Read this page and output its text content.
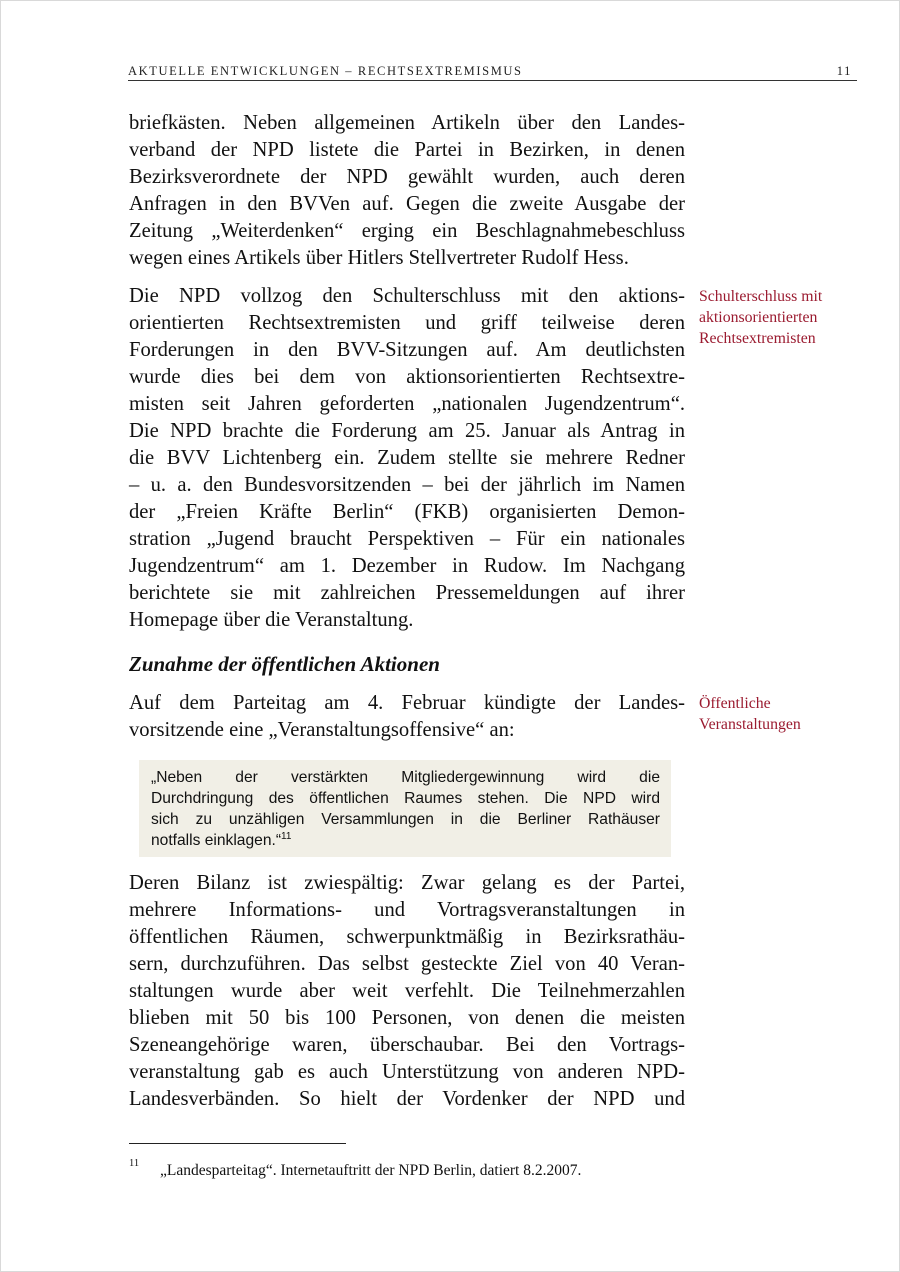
AKTUELLE ENTWICKLUNGEN – RECHTSEXTREMISMUS	11
briefkästen. Neben allgemeinen Artikeln über den Landes-
verband der NPD listete die Partei in Bezirken, in denen
Bezirksverordnete der NPD gewählt wurden, auch deren
Anfragen in den BVVen auf. Gegen die zweite Ausgabe der
Zeitung „Weiterdenken“ erging ein Beschlagnahmebeschluss
wegen eines Artikels über Hitlers Stellvertreter Rudolf Hess.
Die NPD vollzog den Schulterschluss mit den aktions-
orientierten Rechtsextremisten und griff teilweise deren
Forderungen in den BVV-Sitzungen auf. Am deutlichsten
wurde dies bei dem von aktionsorientierten Rechtsextre-
misten seit Jahren geforderten „nationalen Jugendzentrum“.
Die NPD brachte die Forderung am 25. Januar als Antrag in
die BVV Lichtenberg ein. Zudem stellte sie mehrere Redner
– u. a. den Bundesvorsitzenden – bei der jährlich im Namen
der „Freien Kräfte Berlin“ (FKB) organisierten Demon-
stration „Jugend braucht Perspektiven – Für ein nationales
Jugendzentrum“ am 1. Dezember in Rudow. Im Nachgang
berichtete sie mit zahlreichen Pressemeldungen auf ihrer
Homepage über die Veranstaltung.
Schulterschluss mit
aktionsorientierten
Rechtsextremisten
Zunahme der öffentlichen Aktionen
Auf dem Parteitag am 4. Februar kündigte der Landes-
vorsitzende eine „Veranstaltungsoffensive“ an:
Öffentliche
Veranstaltungen
„Neben der verstärkten Mitgliedergewinnung wird die
Durchdringung des öffentlichen Raumes stehen. Die NPD wird
sich zu unzähligen Versammlungen in die Berliner Rathäuser
notfalls einklagen.“$^{11}$
Deren Bilanz ist zwiespältig: Zwar gelang es der Partei,
mehrere Informations- und Vortragsveranstaltungen in
öffentlichen Räumen, schwerpunktmäßig in Bezirksrathäu-
sern, durchzuführen. Das selbst gesteckte Ziel von 40 Veran-
staltungen wurde aber weit verfehlt. Die Teilnehmerzahlen
blieben mit 50 bis 100 Personen, von denen die meisten
Szeneangehörige waren, überschaubar. Bei den Vortrags-
veranstaltung gab es auch Unterstützung von anderen NPD-
Landesverbänden. So hielt der Vordenker der NPD und
11 „Landesparteitag“. Internetauftritt der NPD Berlin, datiert 8.2.2007.
